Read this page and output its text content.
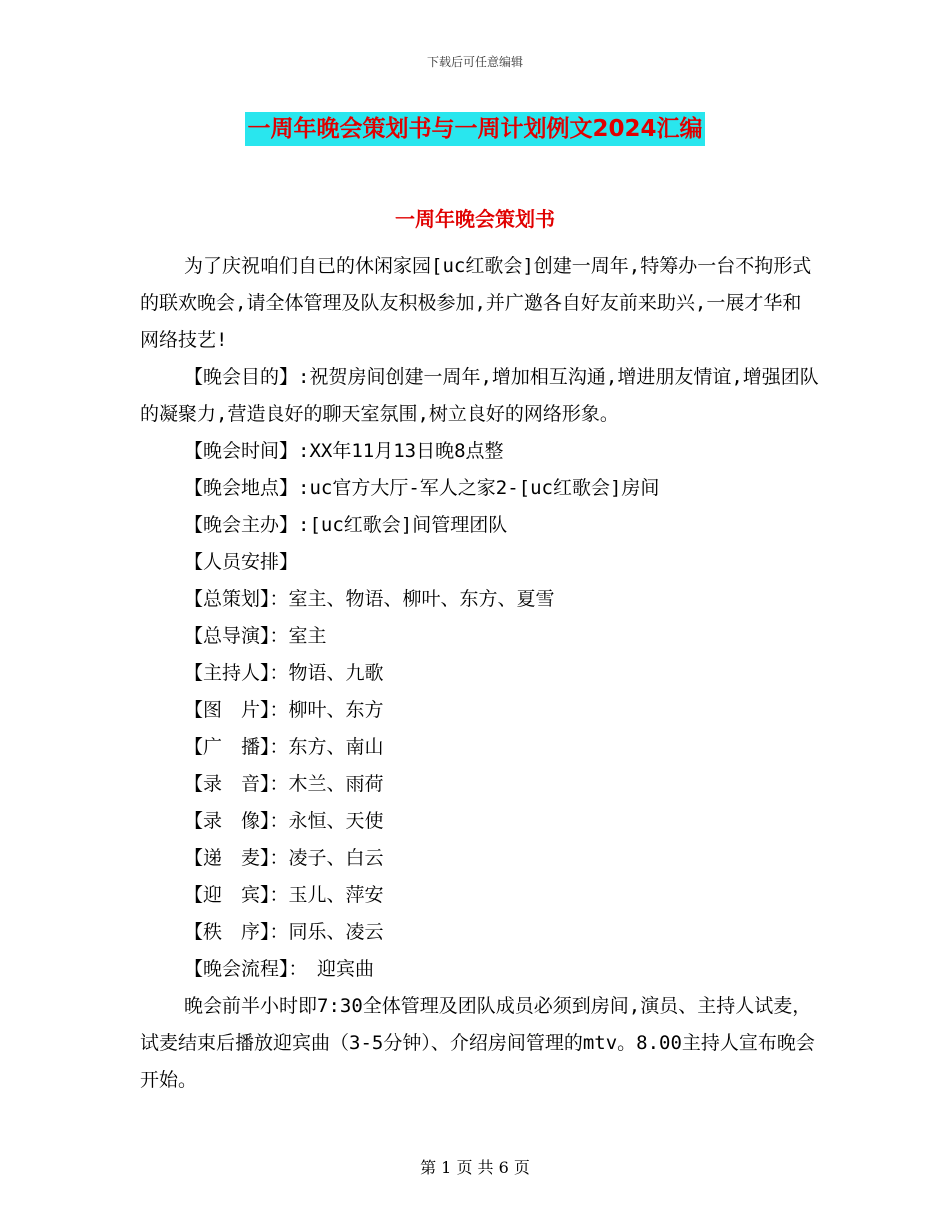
下载后可任意编辑
一周年晚会策划书与一周计划例文2024汇编
一周年晚会策划书

为了庆祝咱们自已的休闲家园[uc红歌会]创建一周年,特筹办一台不拘形式的联欢晚会,请全体管理及队友积极参加,并广邀各自好友前来助兴,一展才华和网络技艺!

【晚会目的】:祝贺房间创建一周年,增加相互沟通,增进朋友情谊,增强团队的凝聚力,营造良好的聊天室氛围,树立良好的网络形象。

【晚会时间】:XX年11月13日晚8点整

【晚会地点】:uc官方大厅-军人之家2-[uc红歌会]房间

【晚会主办】:[uc红歌会]间管理团队

【人员安排】

【总策划】：室主、物语、柳叶、东方、夏雪

【总导演】：室主

【主持人】：物语、九歌

【图　片】：柳叶、东方

【广　播】：东方、南山

【录　音】：木兰、雨荷

【录　像】：永恒、天使

【递　麦】：凌子、白云

【迎　宾】：玉儿、萍安

【秩　序】：同乐、凌云

【晚会流程】：　迎宾曲

晚会前半小时即7:30全体管理及团队成员必须到房间,演员、主持人试麦，试麦结束后播放迎宾曲（3-5分钟）、介绍房间管理的mtv。8.00主持人宣布晚会开始。

第 1 页 共 6 页
